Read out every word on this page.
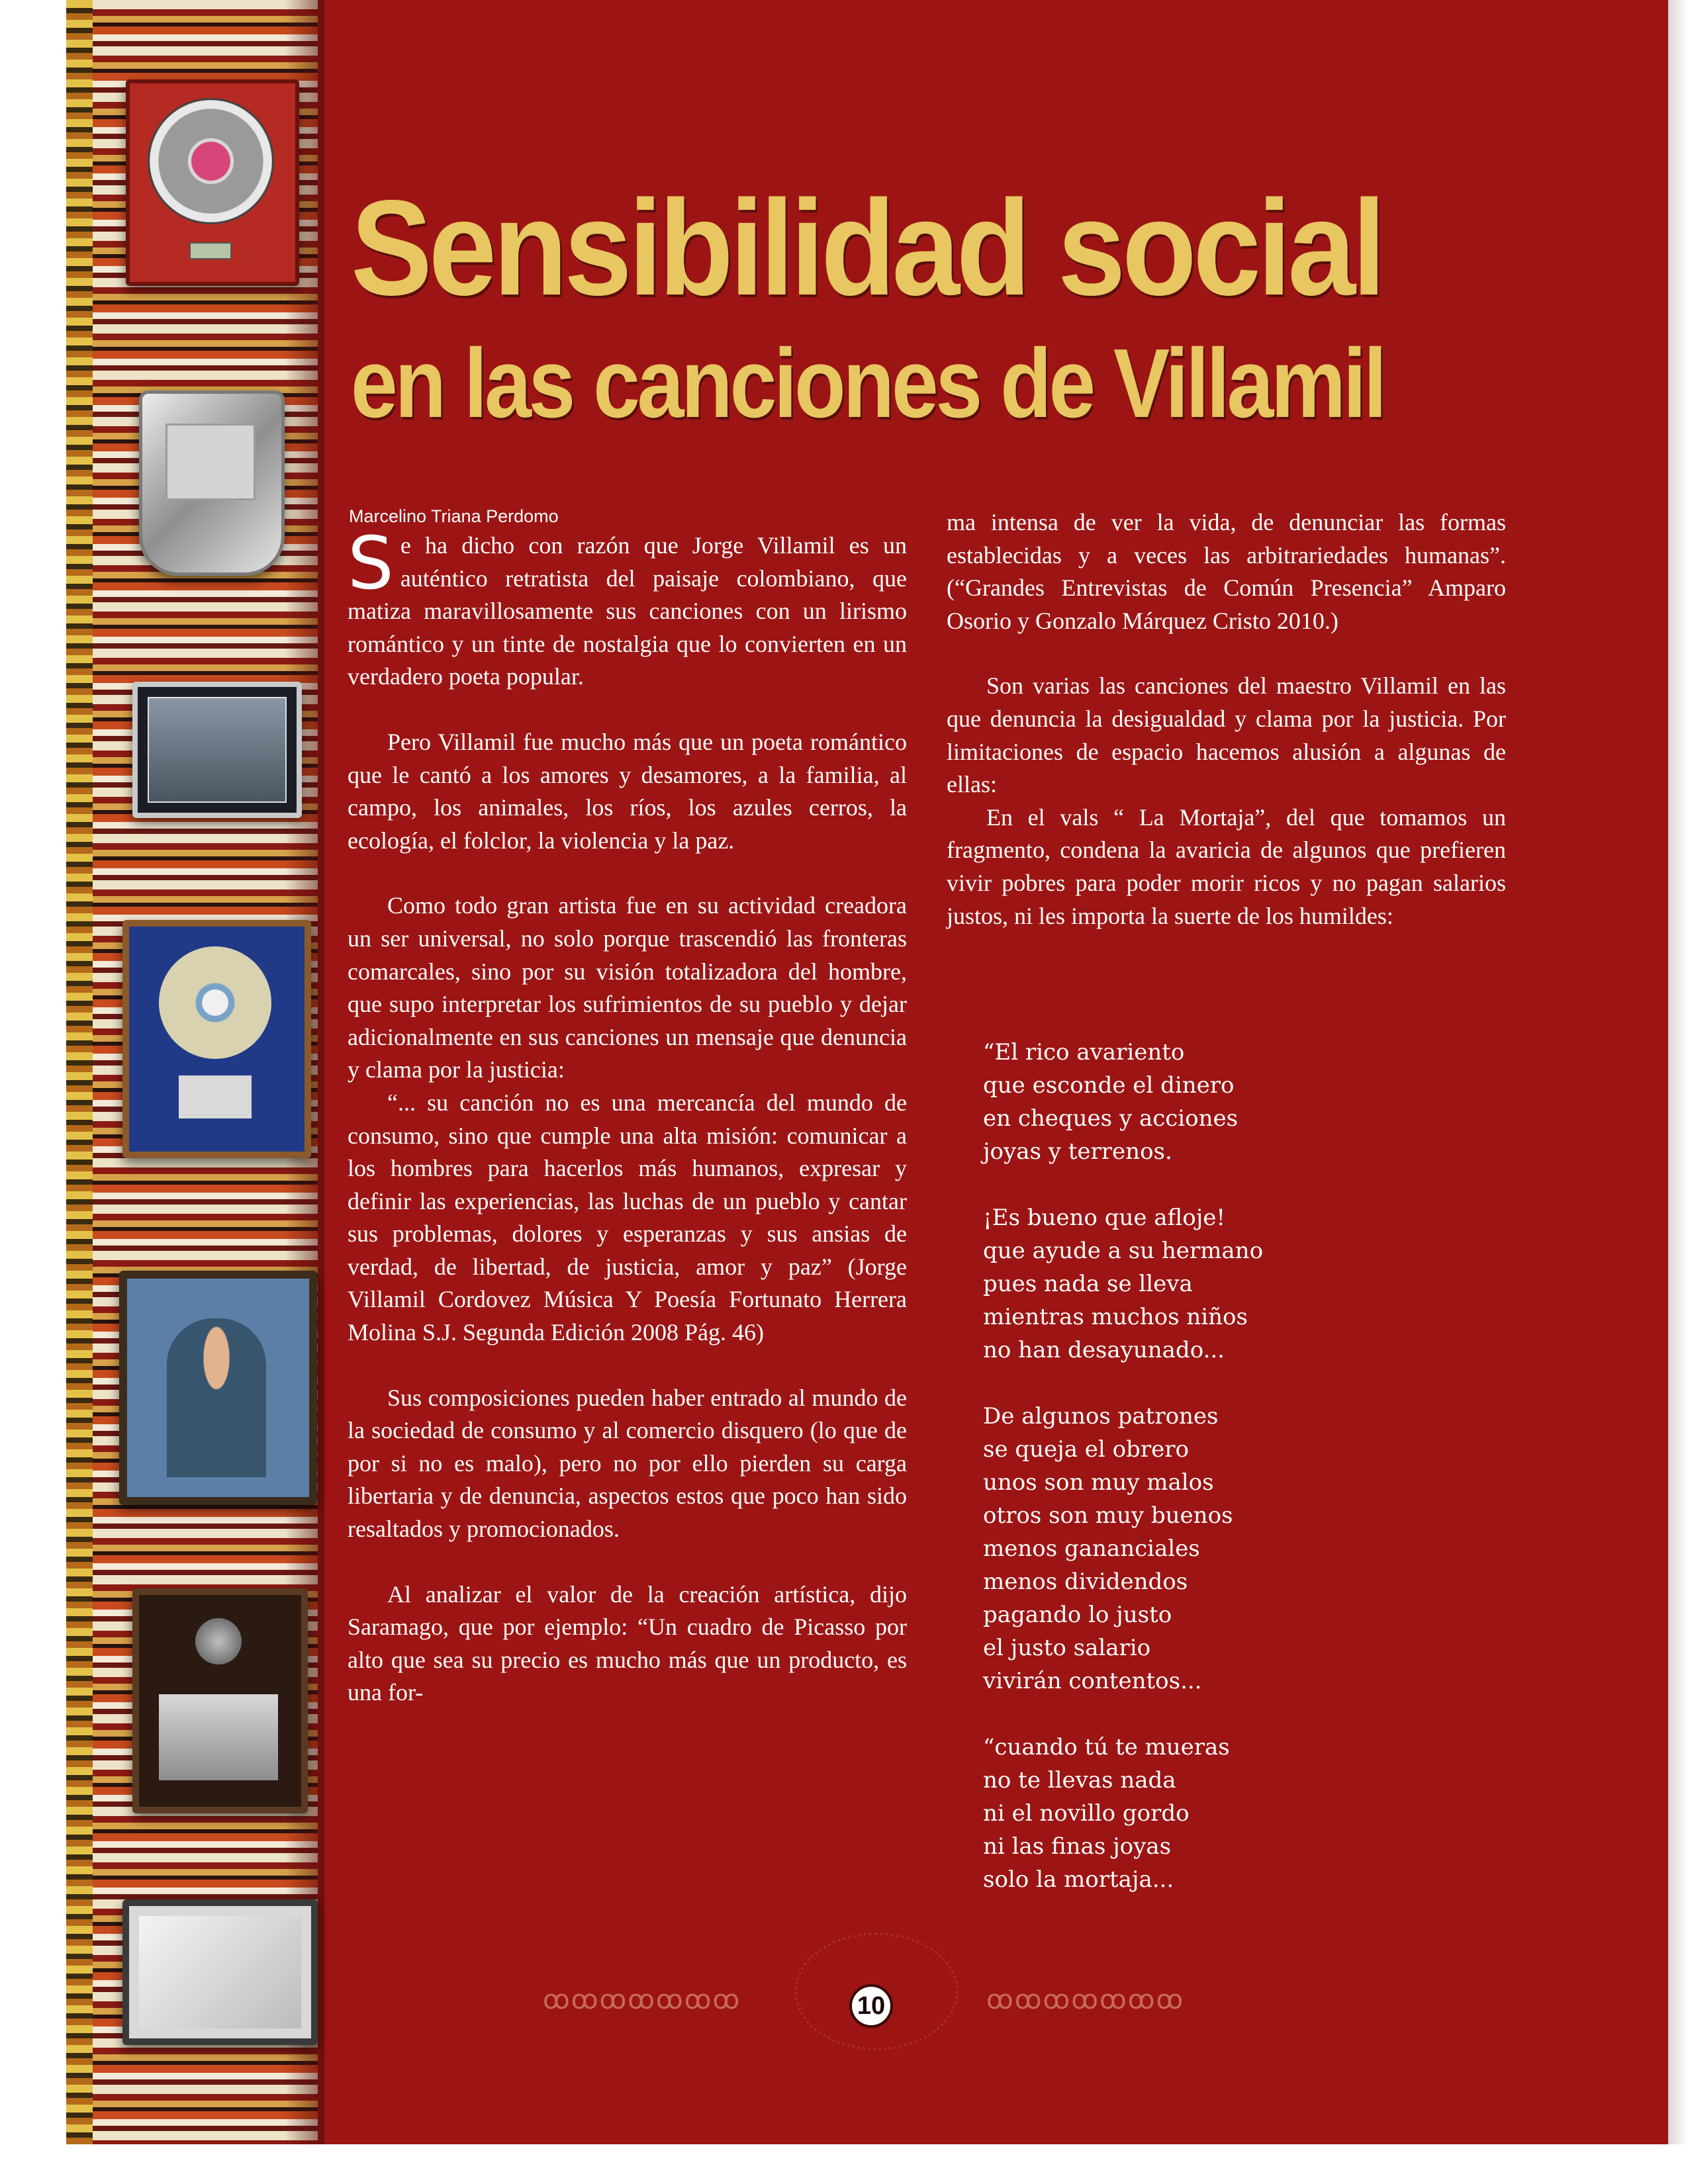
Sensibilidad social
en las canciones de Villamil
Marcelino Triana Perdomo

Se ha dicho con razón que Jorge Villamil es un auténtico retratista del paisaje colombiano, que matiza maravillosamente sus canciones con un lirismo romántico y un tinte de nostalgia que lo convierten en un verdadero poeta popular.

Pero Villamil fue mucho más que un poeta romántico que le cantó a los amores y desamores, a la familia, al campo, los animales, los ríos, los azules cerros, la ecología, el folclor, la violencia y la paz.

Como todo gran artista fue en su actividad creadora un ser universal, no solo porque trascendió las fronteras comarcales, sino por su visión totalizadora del hombre, que supo interpretar los sufrimientos de su pueblo y dejar adicionalmente en sus canciones un mensaje que denuncia y clama por la justicia:

“... su canción no es una mercancía del mundo de consumo, sino que cumple una alta misión: comunicar a los hombres para hacerlos más humanos, expresar y definir las experiencias, las luchas de un pueblo y cantar sus problemas, dolores y esperanzas y sus ansias de verdad, de libertad, de justicia, amor y paz” (Jorge Villamil Cordovez Música Y Poesía Fortunato Herrera Molina S.J. Segunda Edición 2008 Pág. 46)

Sus composiciones pueden haber entrado al mundo de la sociedad de consumo y al comercio disquero (lo que de por si no es malo), pero no por ello pierden su carga libertaria y de denuncia, aspectos estos que poco han sido resaltados y promocionados.

Al analizar el valor de la creación artística, dijo Saramago, que por ejemplo: “Un cuadro de Picasso por alto que sea su precio es mucho más que un producto, es una for-

ma intensa de ver la vida, de denunciar las formas establecidas y a veces las arbitrariedades humanas”. (“Grandes Entrevistas de Común Presencia” Amparo Osorio y Gonzalo Márquez Cristo 2010.)

Son varias las canciones del maestro Villamil en las que denuncia la desigualdad y clama por la justicia. Por limitaciones de espacio hacemos alusión a algunas de ellas:

En el vals “ La Mortaja”, del que tomamos un fragmento, condena la avaricia de algunos que prefieren vivir pobres para poder morir ricos y no pagan salarios justos, ni les importa la suerte de los humildes:

“El rico avariento
que esconde el dinero
en cheques y acciones
joyas y terrenos.

¡Es bueno que afloje!
que ayude a su hermano
pues nada se lleva
mientras muchos niños
no han desayunado...

De algunos patrones
se queja el obrero
unos son muy malos
otros son muy buenos
menos gananciales
menos dividendos
pagando lo justo
el justo salario
vivirán contentos...

“cuando tú te mueras
no te llevas nada
ni el novillo gordo
ni las finas joyas
solo la mortaja...

ꝏꝏꝏꝏꝏꝏꝏ	ꝏꝏꝏꝏꝏꝏꝏ
10
